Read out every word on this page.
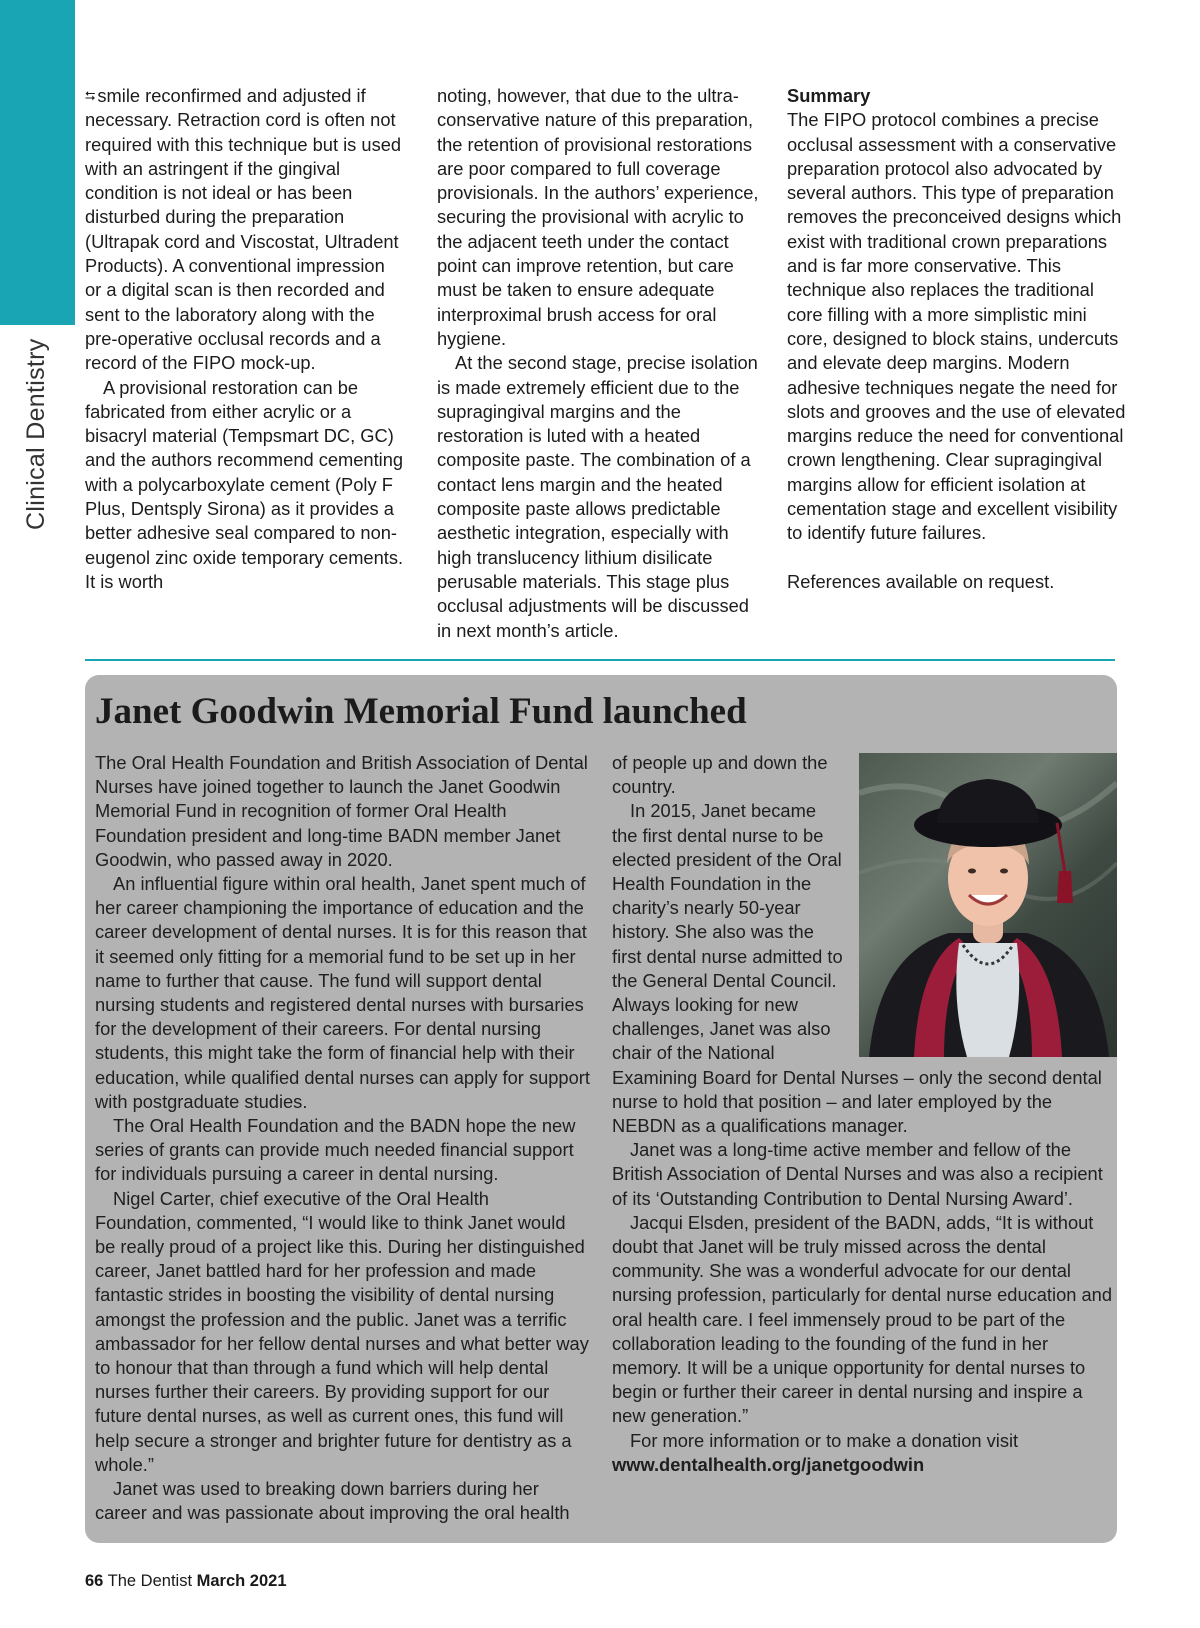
Clinical Dentistry

⮀ smile reconfirmed and adjusted if necessary. Retraction cord is often not required with this technique but is used with an astringent if the gingival condition is not ideal or has been disturbed during the preparation (Ultrapak cord and Viscostat, Ultradent Products). A conventional impression or a digital scan is then recorded and sent to the laboratory along with the pre-operative occlusal records and a record of the FIPO mock-up.

A provisional restoration can be fabricated from either acrylic or a bisacryl material (Tempsmart DC, GC) and the authors recommend cementing with a polycarboxylate cement (Poly F Plus, Dentsply Sirona) as it provides a better adhesive seal compared to non-eugenol zinc oxide temporary cements. It is worth

noting, however, that due to the ultra-conservative nature of this preparation, the retention of provisional restorations are poor compared to full coverage provisionals. In the authors’ experience, securing the provisional with acrylic to the adjacent teeth under the contact point can improve retention, but care must be taken to ensure adequate interproximal brush access for oral hygiene.

At the second stage, precise isolation is made extremely efficient due to the supragingival margins and the restoration is luted with a heated composite paste. The combination of a contact lens margin and the heated composite paste allows predictable aesthetic integration, especially with high translucency lithium disilicate perusable materials. This stage plus occlusal adjustments will be discussed in next month’s article.

Summary

The FIPO protocol combines a precise occlusal assessment with a conservative preparation protocol also advocated by several authors. This type of preparation removes the preconceived designs which exist with traditional crown preparations and is far more conservative. This technique also replaces the traditional core filling with a more simplistic mini core, designed to block stains, undercuts and elevate deep margins. Modern adhesive techniques negate the need for slots and grooves and the use of elevated margins reduce the need for conventional crown lengthening. Clear supragingival margins allow for efficient isolation at cementation stage and excellent visibility to identify future failures.

References available on request.

Janet Goodwin Memorial Fund launched

The Oral Health Foundation and British Association of Dental Nurses have joined together to launch the Janet Goodwin Memorial Fund in recognition of former Oral Health Foundation president and long-time BADN member Janet Goodwin, who passed away in 2020.

An influential figure within oral health, Janet spent much of her career championing the importance of education and the career development of dental nurses. It is for this reason that it seemed only fitting for a memorial fund to be set up in her name to further that cause. The fund will support dental nursing students and registered dental nurses with bursaries for the development of their careers. For dental nursing students, this might take the form of financial help with their education, while qualified dental nurses can apply for support with postgraduate studies.

The Oral Health Foundation and the BADN hope the new series of grants can provide much needed financial support for individuals pursuing a career in dental nursing.

Nigel Carter, chief executive of the Oral Health Foundation, commented, “I would like to think Janet would be really proud of a project like this. During her distinguished career, Janet battled hard for her profession and made fantastic strides in boosting the visibility of dental nursing amongst the profession and the public. Janet was a terrific ambassador for her fellow dental nurses and what better way to honour that than through a fund which will help dental nurses further their careers. By providing support for our future dental nurses, as well as current ones, this fund will help secure a stronger and brighter future for dentistry as a whole.”

Janet was used to breaking down barriers during her career and was passionate about improving the oral health

of people up and down the country.

In 2015, Janet became the first dental nurse to be elected president of the Oral Health Foundation in the charity’s nearly 50-year history. She also was the first dental nurse admitted to the General Dental Council. Always looking for new challenges, Janet was also chair of the National Examining Board for Dental Nurses – only the second dental nurse to hold that position – and later employed by the NEBDN as a qualifications manager.

Janet was a long-time active member and fellow of the British Association of Dental Nurses and was also a recipient of its ‘Outstanding Contribution to Dental Nursing Award’.

Jacqui Elsden, president of the BADN, adds, “It is without doubt that Janet will be truly missed across the dental community. She was a wonderful advocate for our dental nursing profession, particularly for dental nurse education and oral health care. I feel immensely proud to be part of the collaboration leading to the founding of the fund in her memory. It will be a unique opportunity for dental nurses to begin or further their career in dental nursing and inspire a new generation.”

For more information or to make a donation visit

www.dentalhealth.org/janetgoodwin

66 The Dentist March 2021
